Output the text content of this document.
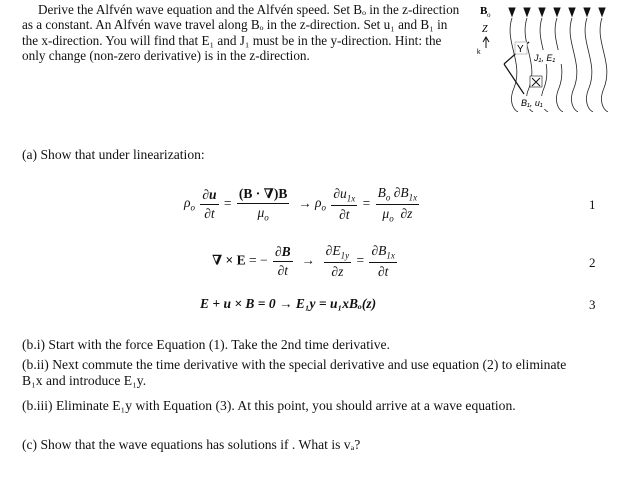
Derive the Alfvén wave equation and the Alfvén speed. Set Bₒ in the z-direction as a constant. An Alfvén wave travel along Bₒ in the z-direction. Set u₁ and B₁ in the x-direction. You will find that E₁ and J₁ must be in the y-direction. Hint: the only change (non-zero derivative) is in the z-direction.

B o
Z
k	Y
J₁, E₁
B₁, u₁
(a) Show that under linearization:
$\rho_o \frac{\partial u}{\partial t} = \frac{(B \cdot \nabla)B}{\mu_o} \to \rho_o \frac{\partial u_{1x}}{\partial t} = \frac{B_o \partial B_{1x}}{\mu_o \partial z}$	1
∇ × E = − $\frac{\partial B}{\partial t} \to \frac{\partial E_{1y}}{\partial z} = \frac{\partial B_{1x}}{\partial t}$	2
E + u × B = 0 → E₁y = u₁xBₒ(z)	3
(b.i) Start with the force Equation (1). Take the 2nd time derivative.
(b.ii) Next commute the time derivative with the special derivative and use equation (2) to eliminate B₁x and introduce E₁y.
(b.iii) Eliminate E₁y with Equation (3). At this point, you should arrive at a wave equation.
(c) Show that the wave equations has solutions if . What is vₐ?
